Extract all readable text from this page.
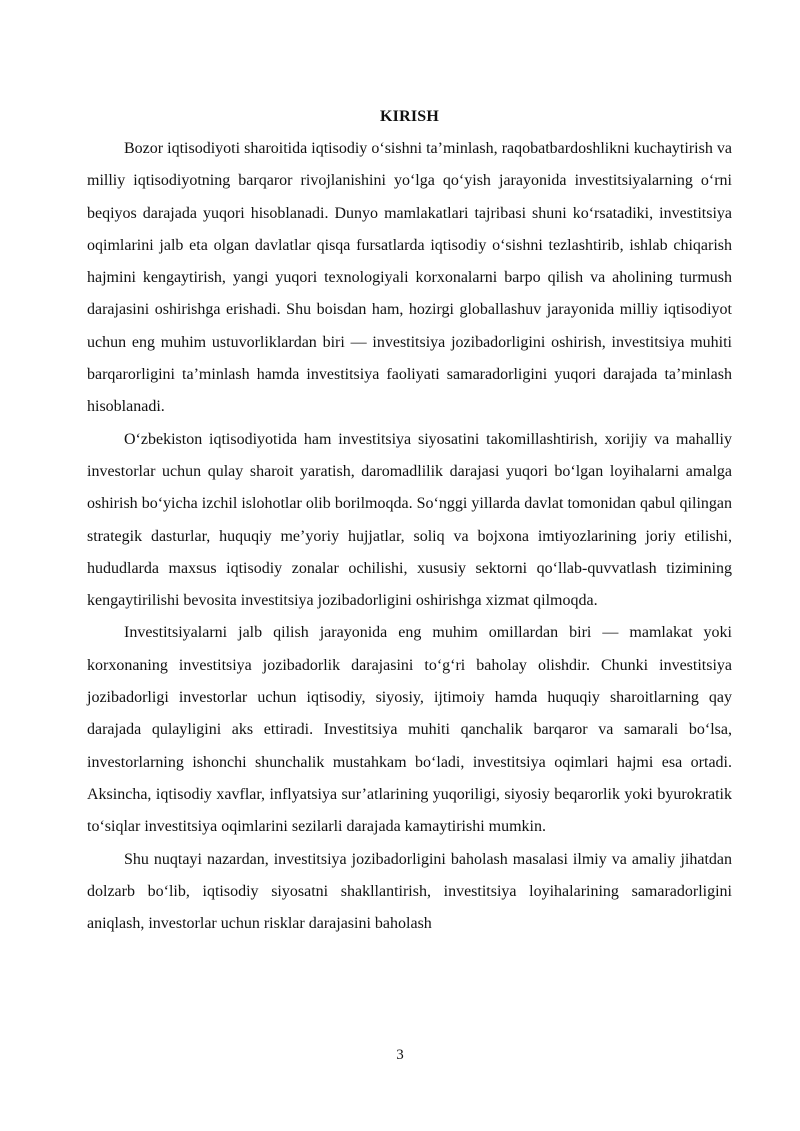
KIRISH

Bozor iqtisodiyoti sharoitida iqtisodiy o‘sishni ta’minlash, raqobatbardoshlikni kuchaytirish va milliy iqtisodiyotning barqaror rivojlanishini yo‘lga qo‘yish jarayonida investitsiyalarning o‘rni beqiyos darajada yuqori hisoblanadi. Dunyo mamlakatlari tajribasi shuni ko‘rsatadiki, investitsiya oqimlarini jalb eta olgan davlatlar qisqa fursatlarda iqtisodiy o‘sishni tezlashtirib, ishlab chiqarish hajmini kengaytirish, yangi yuqori texnologiyali korxonalarni barpo qilish va aholining turmush darajasini oshirishga erishadi. Shu boisdan ham, hozirgi globallashuv jarayonida milliy iqtisodiyot uchun eng muhim ustuvorliklardan biri — investitsiya jozibadorligini oshirish, investitsiya muhiti barqarorligini ta’minlash hamda investitsiya faoliyati samaradorligini yuqori darajada ta’minlash hisoblanadi.

O‘zbekiston iqtisodiyotida ham investitsiya siyosatini takomillashtirish, xorijiy va mahalliy investorlar uchun qulay sharoit yaratish, daromadlilik darajasi yuqori bo‘lgan loyihalarni amalga oshirish bo‘yicha izchil islohotlar olib borilmoqda. So‘nggi yillarda davlat tomonidan qabul qilingan strategik dasturlar, huquqiy me’yoriy hujjatlar, soliq va bojxona imtiyozlarining joriy etilishi, hududlarda maxsus iqtisodiy zonalar ochilishi, xususiy sektorni qo‘llab-quvvatlash tizimining kengaytirilishi bevosita investitsiya jozibadorligini oshirishga xizmat qilmoqda.

Investitsiyalarni jalb qilish jarayonida eng muhim omillardan biri — mamlakat yoki korxonaning investitsiya jozibadorlik darajasini to‘g‘ri baholay olishdir. Chunki investitsiya jozibadorligi investorlar uchun iqtisodiy, siyosiy, ijtimoiy hamda huquqiy sharoitlarning qay darajada qulayligini aks ettiradi. Investitsiya muhiti qanchalik barqaror va samarali bo‘lsa, investorlarning ishonchi shunchalik mustahkam bo‘ladi, investitsiya oqimlari hajmi esa ortadi. Aksincha, iqtisodiy xavflar, inflyatsiya sur’atlarining yuqoriligi, siyosiy beqarorlik yoki byurokratik to‘siqlar investitsiya oqimlarini sezilarli darajada kamaytirishi mumkin.

Shu nuqtayi nazardan, investitsiya jozibadorligini baholash masalasi ilmiy va amaliy jihatdan dolzarb bo‘lib, iqtisodiy siyosatni shakllantirish, investitsiya loyihalarining samaradorligini aniqlash, investorlar uchun risklar darajasini baholash

3
